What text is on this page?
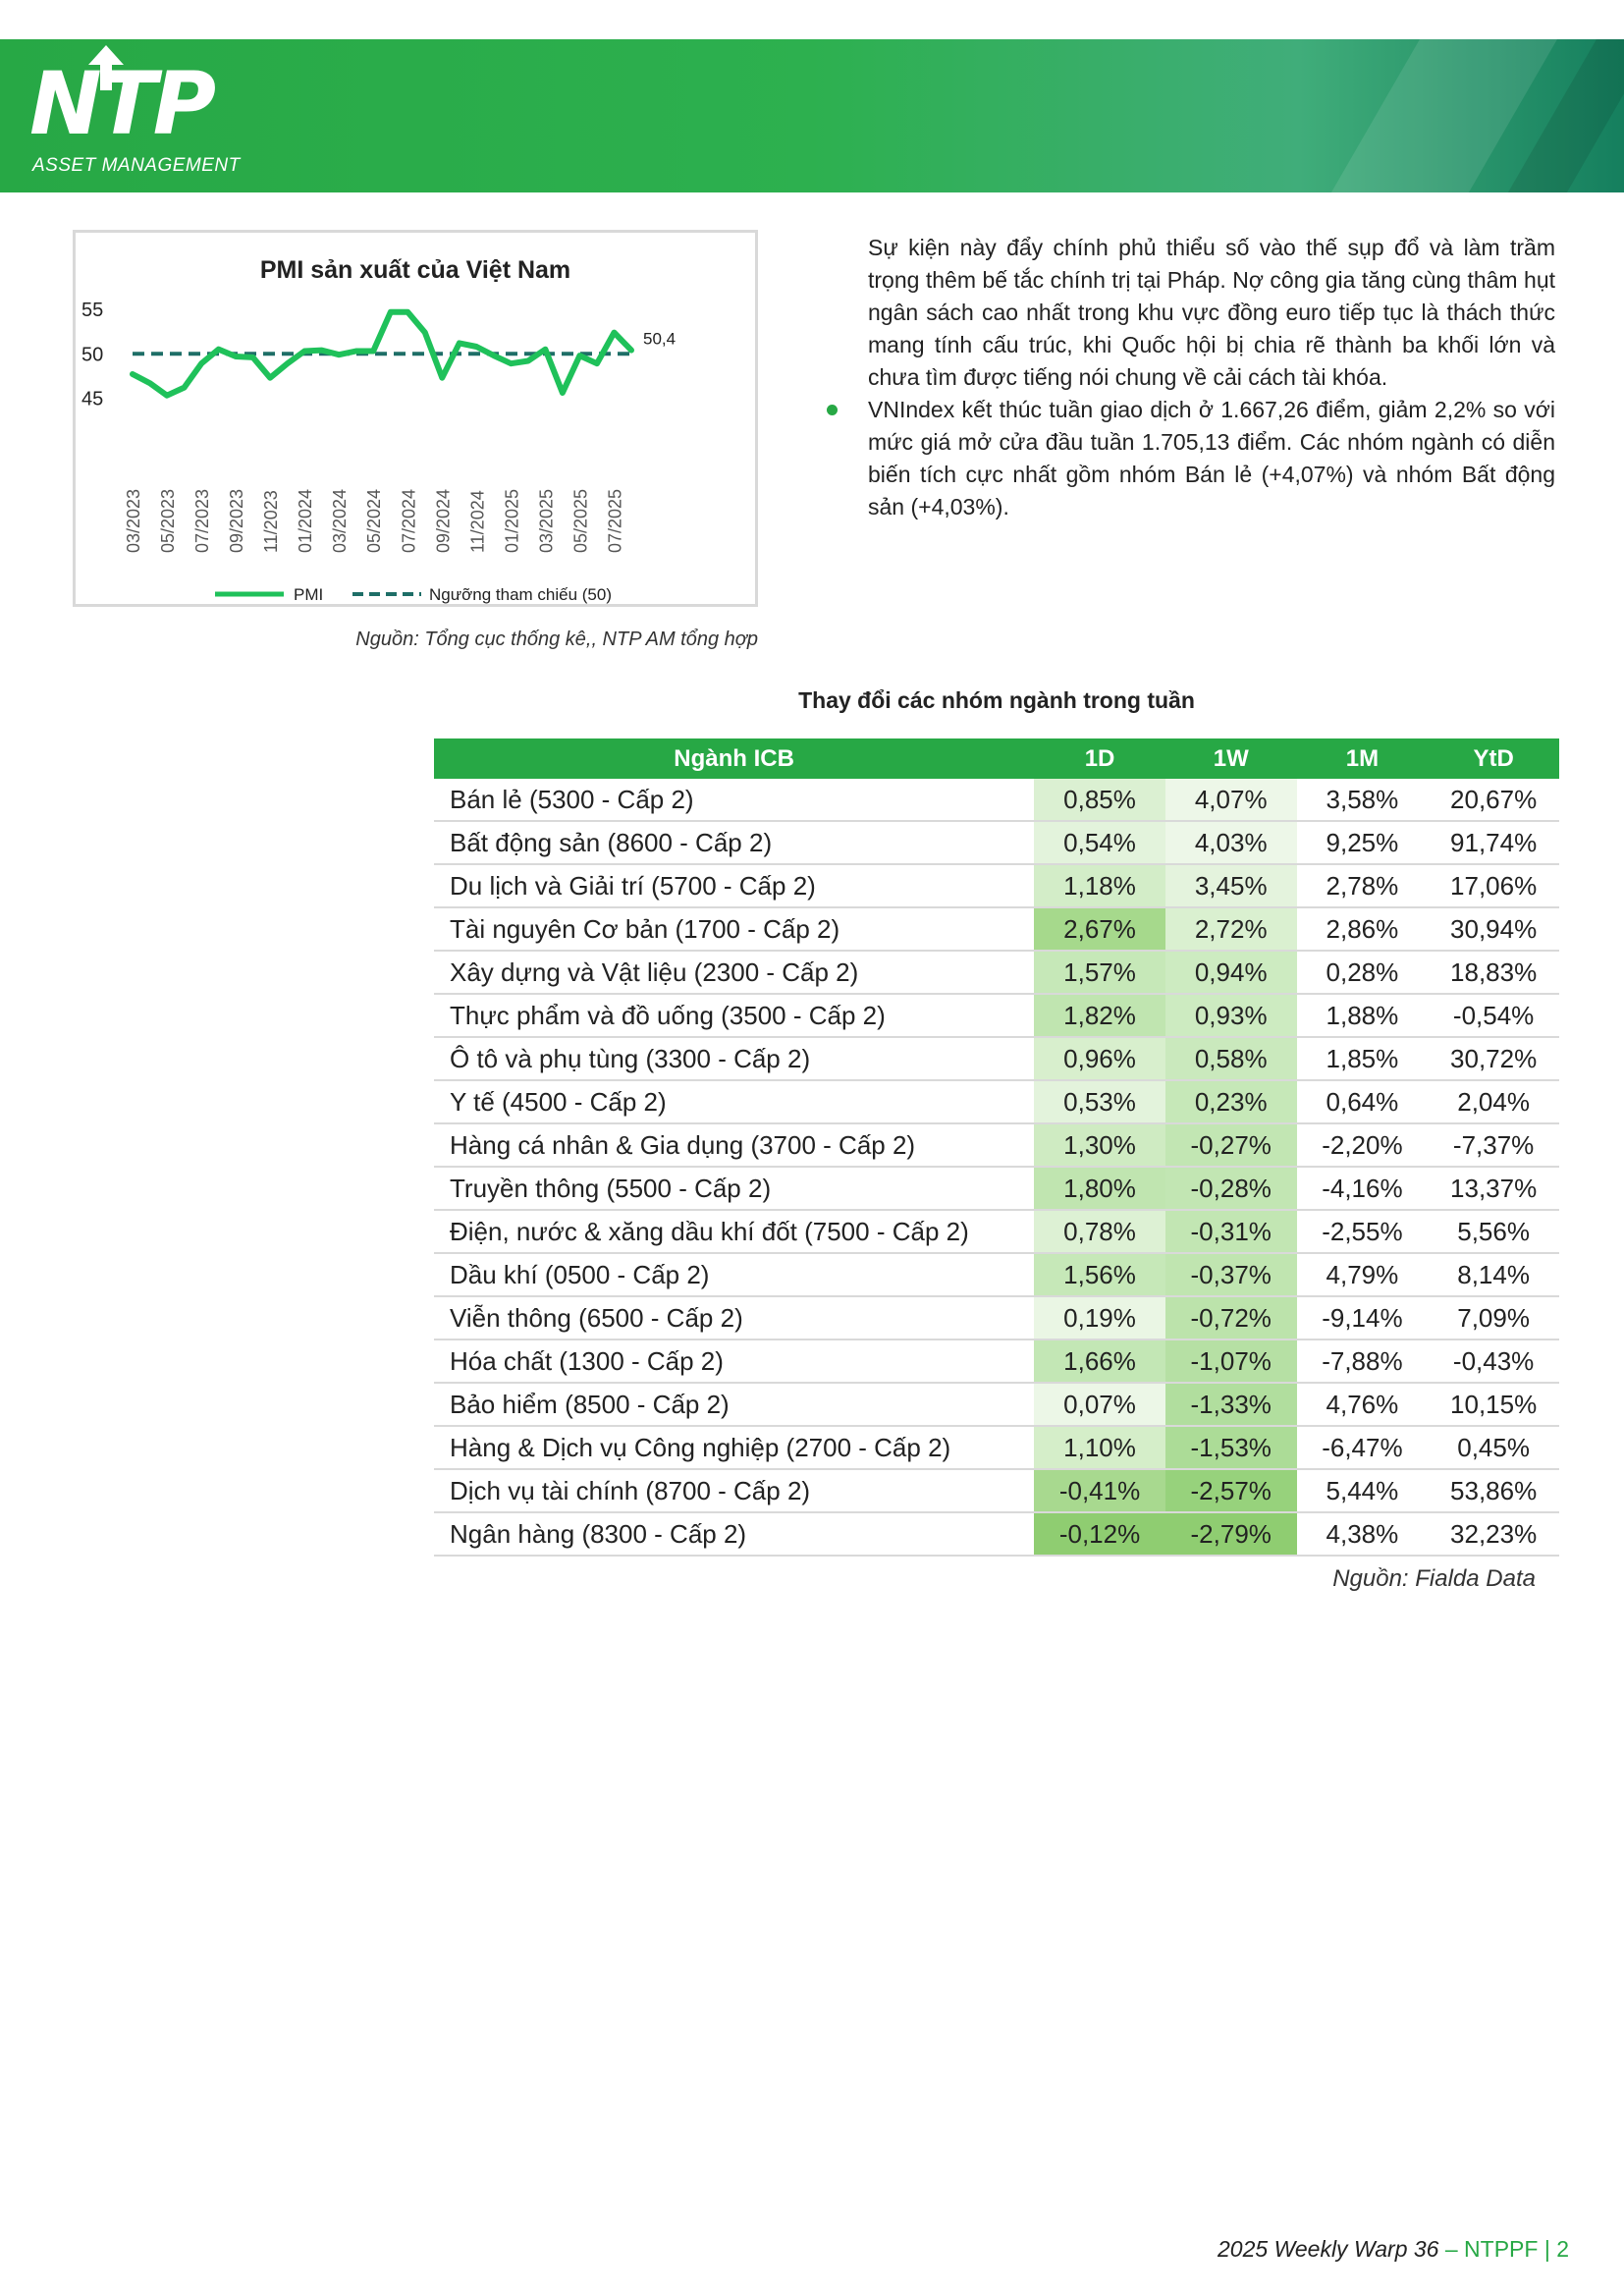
NTP
ASSET MANAGEMENT
PMI sản xuất của Việt Nam
45
50
55
03/2023 05/2023 07/2023 09/2023 11/2023 01/2024 03/2024 05/2024 07/2024 09/2024 11/2024 01/2025 03/2025 05/2025 07/2025
50,4
PMI	Ngưỡng tham chiếu (50)
Nguồn: Tổng cục thống kê,, NTP AM tổng hợp

Sự kiện này đẩy chính phủ thiểu số vào thế sụp đổ và làm trầm trọng thêm bế tắc chính trị tại Pháp. Nợ công gia tăng cùng thâm hụt ngân sách cao nhất trong khu vực đồng euro tiếp tục là thách thức mang tính cấu trúc, khi Quốc hội bị chia rẽ thành ba khối lớn và chưa tìm được tiếng nói chung về cải cách tài khóa.

VNIndex kết thúc tuần giao dịch ở 1.667,26 điểm, giảm 2,2% so với mức giá mở cửa đầu tuần 1.705,13 điểm. Các nhóm ngành có diễn biến tích cực nhất gồm nhóm Bán lẻ (+4,07%) và nhóm Bất động sản (+4,03%).

Thay đổi các nhóm ngành trong tuần
Ngành ICB	1D	1W	1M	YtD
Bán lẻ (5300 - Cấp 2)	0,85%	4,07%	3,58%	20,67%
Bất động sản (8600 - Cấp 2)	0,54%	4,03%	9,25%	91,74%
Du lịch và Giải trí (5700 - Cấp 2)	1,18%	3,45%	2,78%	17,06%
Tài nguyên Cơ bản (1700 - Cấp 2)	2,67%	2,72%	2,86%	30,94%
Xây dựng và Vật liệu (2300 - Cấp 2)	1,57%	0,94%	0,28%	18,83%
Thực phẩm và đồ uống (3500 - Cấp 2)	1,82%	0,93%	1,88%	-0,54%
Ô tô và phụ tùng (3300 - Cấp 2)	0,96%	0,58%	1,85%	30,72%
Y tế (4500 - Cấp 2)	0,53%	0,23%	0,64%	2,04%
Hàng cá nhân & Gia dụng (3700 - Cấp 2)	1,30%	-0,27%	-2,20%	-7,37%
Truyền thông (5500 - Cấp 2)	1,80%	-0,28%	-4,16%	13,37%
Điện, nước & xăng dầu khí đốt (7500 - Cấp 2)	0,78%	-0,31%	-2,55%	5,56%
Dầu khí (0500 - Cấp 2)	1,56%	-0,37%	4,79%	8,14%
Viễn thông (6500 - Cấp 2)	0,19%	-0,72%	-9,14%	7,09%
Hóa chất (1300 - Cấp 2)	1,66%	-1,07%	-7,88%	-0,43%
Bảo hiểm (8500 - Cấp 2)	0,07%	-1,33%	4,76%	10,15%
Hàng & Dịch vụ Công nghiệp (2700 - Cấp 2)	1,10%	-1,53%	-6,47%	0,45%
Dịch vụ tài chính (8700 - Cấp 2)	-0,41%	-2,57%	5,44%	53,86%
Ngân hàng (8300 - Cấp 2)	-0,12%	-2,79%	4,38%	32,23%
Nguồn: Fialda Data
2025 Weekly Warp 36 – NTPPF | 2
